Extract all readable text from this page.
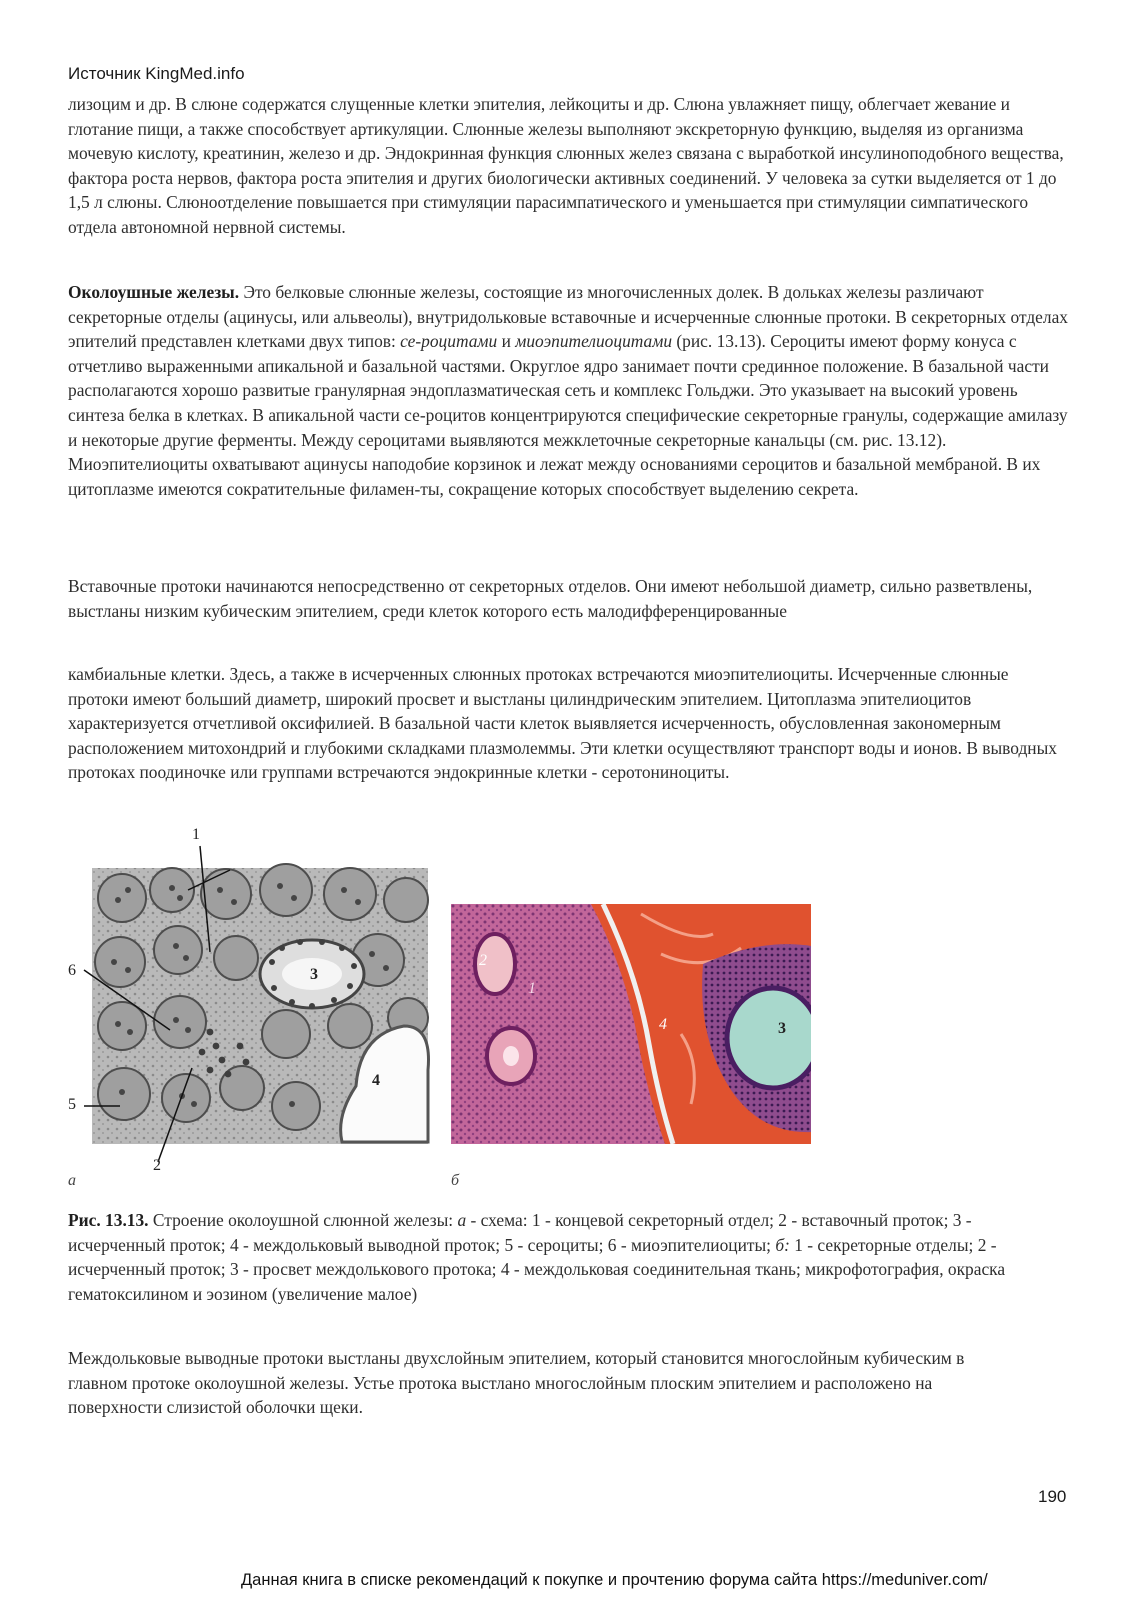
Источник KingMed.info

лизоцим и др. В слюне содержатся слущенные клетки эпителия, лейкоциты и др. Слюна увлажняет пищу, облегчает жевание и глотание пищи, а также способствует артикуляции. Слюнные железы выполняют экскреторную функцию, выделяя из организма мочевую кислоту, креатинин, железо и др. Эндокринная функция слюнных желез связана с выработкой инсулиноподобного вещества, фактора роста нервов, фактора роста эпителия и других биологически активных соединений. У человека за сутки выделяется от 1 до 1,5 л слюны. Слюноотделение повышается при стимуляции парасимпатического и уменьшается при стимуляции симпатического отдела автономной нервной системы.

Околоушные железы. Это белковые слюнные железы, состоящие из многочисленных долек. В дольках железы различают секреторные отделы (ацинусы, или альвеолы), внутридольковые вставочные и исчерченные слюнные протоки. В секреторных отделах эпителий представлен клетками двух типов: се-роцитами и миоэпителиоцитами (рис. 13.13). Сероциты имеют форму конуса с отчетливо выраженными апикальной и базальной частями. Округлое ядро занимает почти срединное положение. В базальной части располагаются хорошо развитые гранулярная эндоплазматическая сеть и комплекс Гольджи. Это указывает на высокий уровень синтеза белка в клетках. В апикальной части се-роцитов концентрируются специфические секреторные гранулы, содержащие амилазу и некоторые другие ферменты. Между сероцитами выявляются межклеточные секреторные канальцы (см. рис. 13.12). Миоэпителиоциты охватывают ацинусы наподобие корзинок и лежат между основаниями сероцитов и базальной мембраной. В их цитоплазме имеются сократительные филамен-ты, сокращение которых способствует выделению секрета.

Вставочные протоки начинаются непосредственно от секреторных отделов. Они имеют небольшой диаметр, сильно разветвлены, выстланы низким кубическим эпителием, среди клеток которого есть малодифференцированные

камбиальные клетки. Здесь, а также в исчерченных слюнных протоках встречаются миоэпителиоциты. Исчерченные слюнные протоки имеют больший диаметр, широкий просвет и выстланы цилиндрическим эпителием. Цитоплазма эпителиоцитов характеризуется отчетливой оксифилией. В базальной части клеток выявляется исчерченность, обусловленная закономерным расположением митохондрий и глубокими складками плазмолеммы. Эти клетки осуществляют транспорт воды и ионов. В выводных протоках поодиночке или группами встречаются эндокринные клетки - серотониноциты.

1
2
3
4
5
6
а
2
1
4	3
б

Рис. 13.13. Строение околоушной слюнной железы: а - схема: 1 - концевой секреторный отдел; 2 - вставочный проток; 3 - исчерченный проток; 4 - междольковый выводной проток; 5 - сероциты; 6 - миоэпителиоциты; б: 1 - секреторные отделы; 2 - исчерченный проток; 3 - просвет междолькового протока; 4 - междольковая соединительная ткань; микрофотография, окраска гематоксилином и эозином (увеличение малое)

Междольковые выводные протоки выстланы двухслойным эпителием, который становится многослойным кубическим в главном протоке околоушной железы. Устье протока выстлано многослойным плоским эпителием и расположено на поверхности слизистой оболочки щеки.

190
Данная книга в списке рекомендаций к покупке и прочтению форума сайта https://meduniver.com/
